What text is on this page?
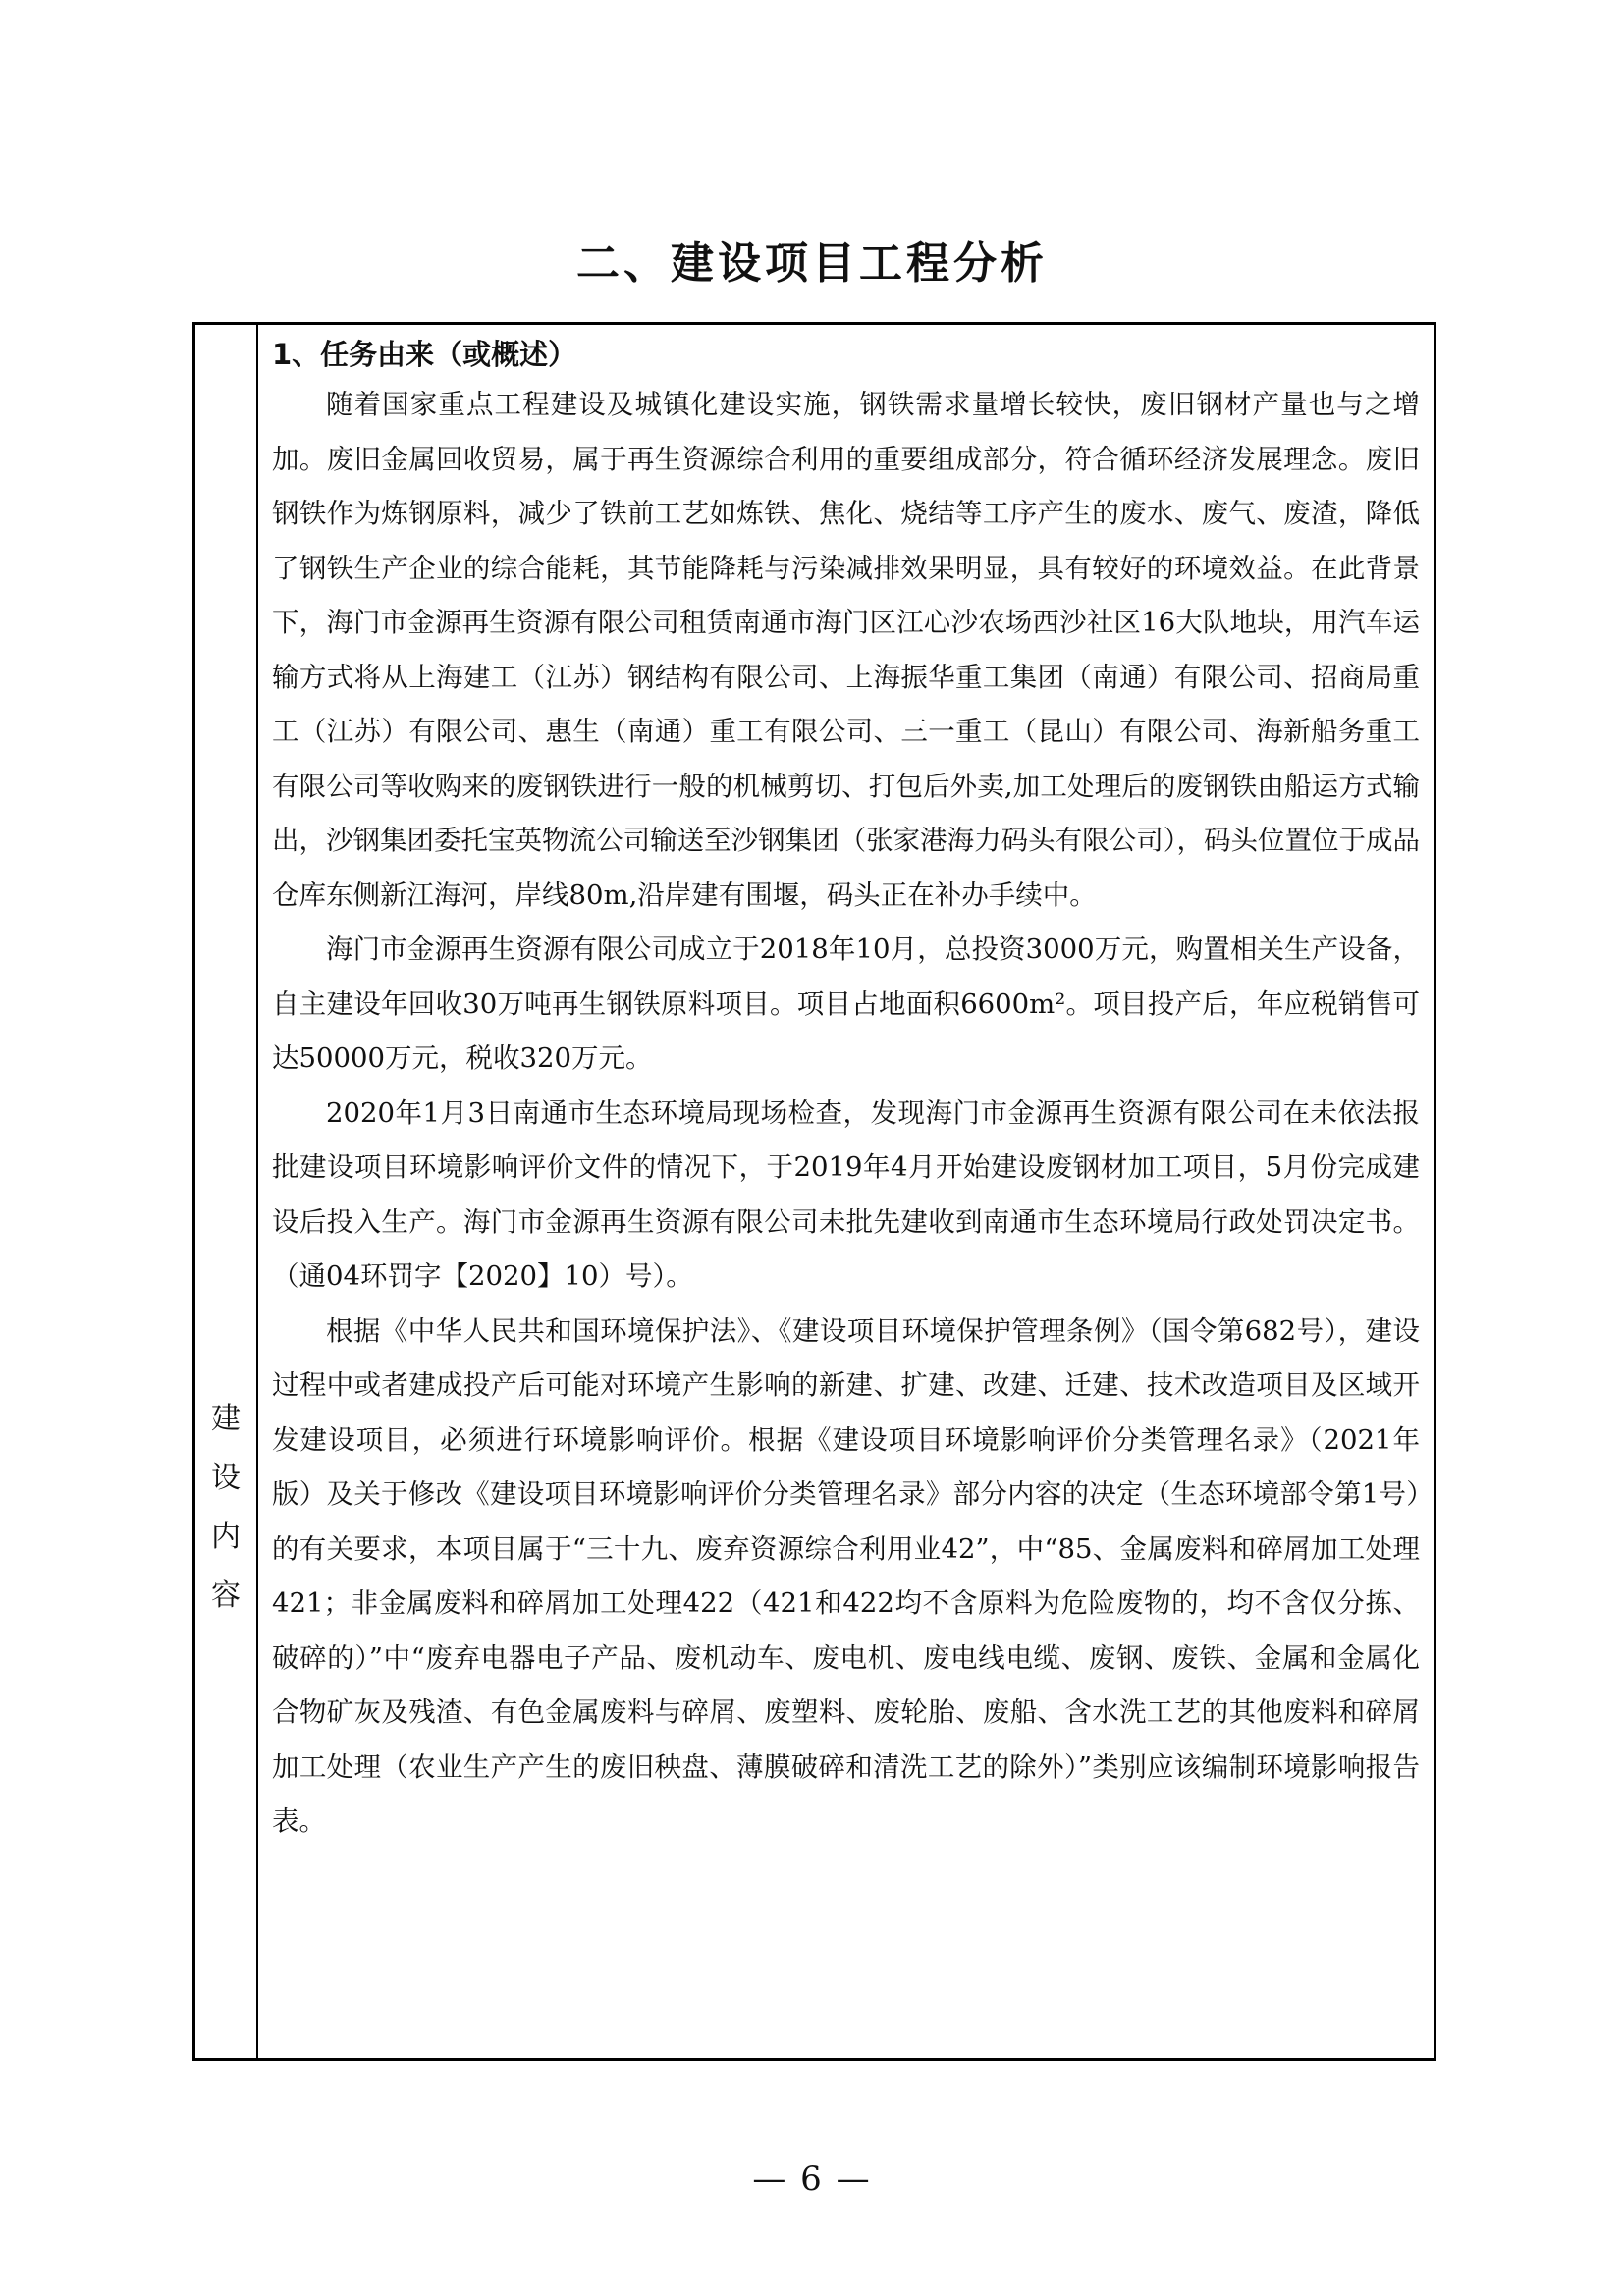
二、建设项目工程分析
建
设
内
容

1、任务由来（或概述）

随着国家重点工程建设及城镇化建设实施，钢铁需求量增长较快，废旧钢材产量也与之增加。废旧金属回收贸易，属于再生资源综合利用的重要组成部分，符合循环经济发展理念。废旧钢铁作为炼钢原料，减少了铁前工艺如炼铁、焦化、烧结等工序产生的废水、废气、废渣，降低了钢铁生产企业的综合能耗，其节能降耗与污染减排效果明显，具有较好的环境效益。在此背景下，海门市金源再生资源有限公司租赁南通市海门区江心沙农场西沙社区16大队地块，用汽车运输方式将从上海建工（江苏）钢结构有限公司、上海振华重工集团（南通）有限公司、招商局重工（江苏）有限公司、惠生（南通）重工有限公司、三一重工（昆山）有限公司、海新船务重工有限公司等收购来的废钢铁进行一般的机械剪切、打包后外卖,加工处理后的废钢铁由船运方式输出，沙钢集团委托宝英物流公司输送至沙钢集团（张家港海力码头有限公司），码头位置位于成品仓库东侧新江海河，岸线80m,沿岸建有围堰，码头正在补办手续中。

海门市金源再生资源有限公司成立于2018年10月，总投资3000万元，购置相关生产设备，自主建设年回收30万吨再生钢铁原料项目。项目占地面积6600m²。项目投产后，年应税销售可达50000万元，税收320万元。

2020年1月3日南通市生态环境局现场检查，发现海门市金源再生资源有限公司在未依法报批建设项目环境影响评价文件的情况下，于2019年4月开始建设废钢材加工项目，5月份完成建设后投入生产。海门市金源再生资源有限公司未批先建收到南通市生态环境局行政处罚决定书。（通04环罚字【2020】10）号）。

根据《中华人民共和国环境保护法》、《建设项目环境保护管理条例》（国令第682号），建设过程中或者建成投产后可能对环境产生影响的新建、扩建、改建、迁建、技术改造项目及区域开发建设项目，必须进行环境影响评价。根据《建设项目环境影响评价分类管理名录》（2021年版）及关于修改《建设项目环境影响评价分类管理名录》部分内容的决定（生态环境部令第1号）的有关要求，本项目属于“三十九、废弃资源综合利用业42”，中“85、金属废料和碎屑加工处理421；非金属废料和碎屑加工处理422（421和422均不含原料为危险废物的，均不含仅分拣、破碎的）”中“废弃电器电子产品、废机动车、废电机、废电线电缆、废钢、废铁、金属和金属化合物矿灰及残渣、有色金属废料与碎屑、废塑料、废轮胎、废船、含水洗工艺的其他废料和碎屑加工处理（农业生产产生的废旧秧盘、薄膜破碎和清洗工艺的除外）”类别应该编制环境影响报告表。

— 6 —
